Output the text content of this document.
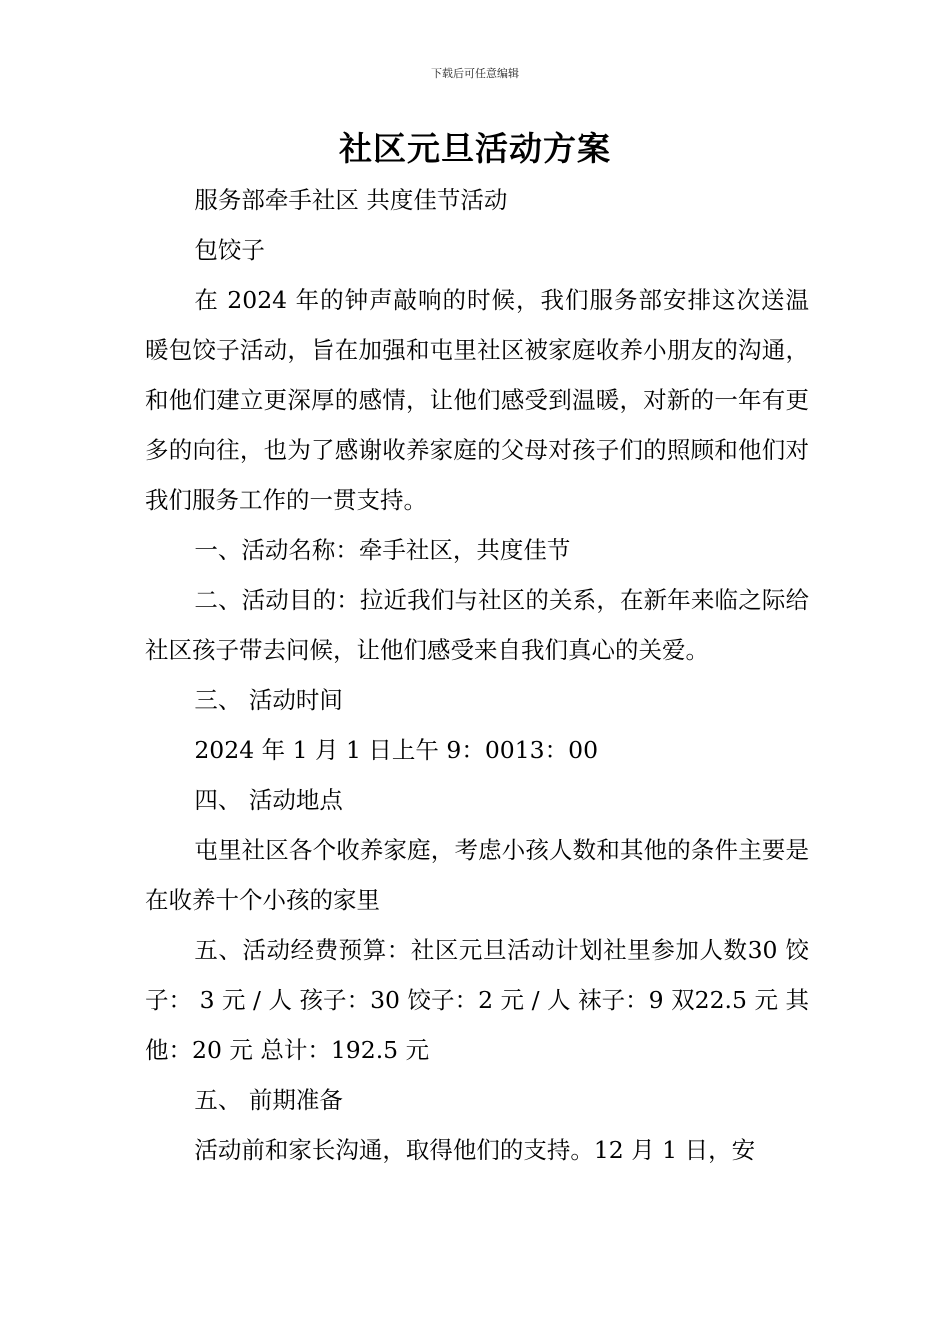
下载后可任意编辑
社区元旦活动方案

服务部牵手社区 共度佳节活动

包饺子

在 2024 年的钟声敲响的时候，我们服务部安排这次送温暖包饺子活动，旨在加强和屯里社区被家庭收养小朋友的沟通，和他们建立更深厚的感情，让他们感受到温暖，对新的一年有更多的向往，也为了感谢收养家庭的父母对孩子们的照顾和他们对我们服务工作的一贯支持。

一、活动名称：牵手社区，共度佳节

二、活动目的：拉近我们与社区的关系，在新年来临之际给社区孩子带去问候，让他们感受来自我们真心的关爱。

三、 活动时间

2024 年 1 月 1 日上午 9：0013：00

四、 活动地点

屯里社区各个收养家庭，考虑小孩人数和其他的条件主要是在收养十个小孩的家里

五、活动经费预算：社区元旦活动计划社里参加人数30 饺子： 3 元 / 人 孩子：30 饺子：2 元 / 人 袜子：9 双22.5 元 其他：20 元 总计：192.5 元

五、 前期准备

活动前和家长沟通，取得他们的支持。12 月 1 日，安
